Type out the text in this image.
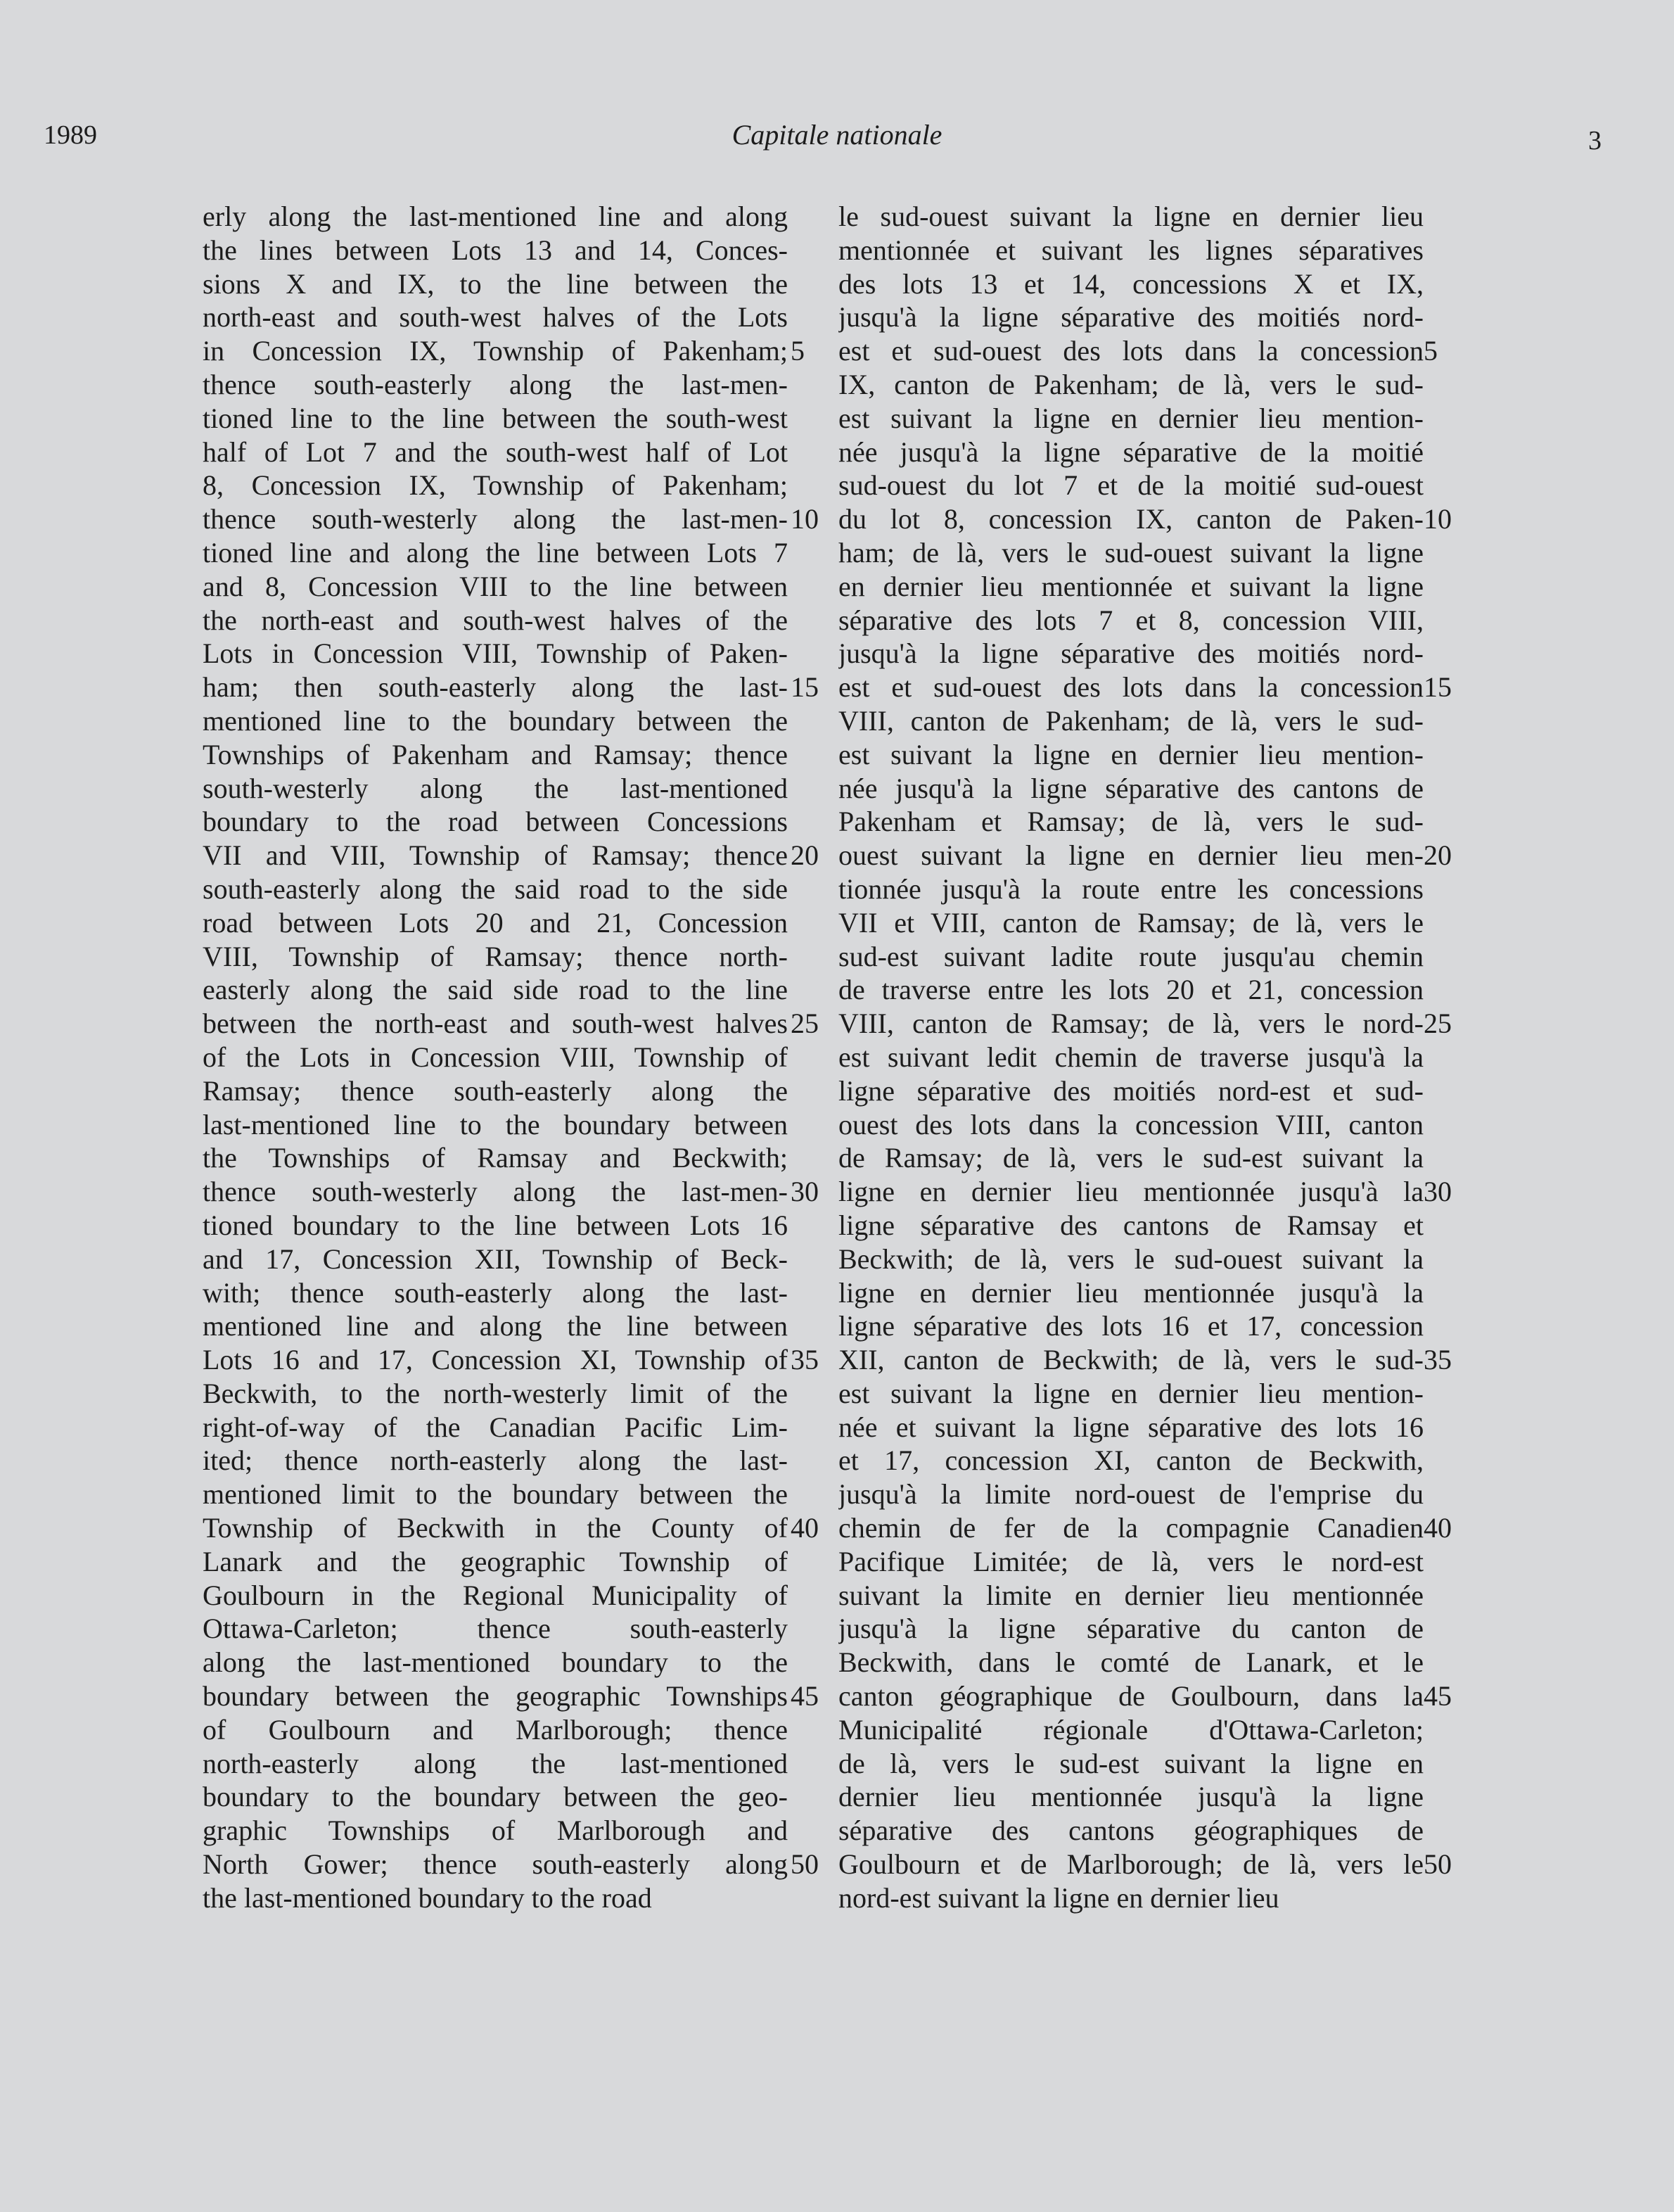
1989	Capitale nationale	3
erly along the last-mentioned line and along
the lines between Lots 13 and 14, Conces-
sions X and IX, to the line between the
north-east and south-west halves of the Lots
in Concession IX, Township of Pakenham;
thence south-easterly along the last-men-
tioned line to the line between the south-west
half of Lot 7 and the south-west half of Lot
8, Concession IX, Township of Pakenham;
thence south-westerly along the last-men-
tioned line and along the line between Lots 7
and 8, Concession VIII to the line between
the north-east and south-west halves of the
Lots in Concession VIII, Township of Paken-
ham; then south-easterly along the last-
mentioned line to the boundary between the
Townships of Pakenham and Ramsay; thence
south-westerly along the last-mentioned
boundary to the road between Concessions
VII and VIII, Township of Ramsay; thence
south-easterly along the said road to the side
road between Lots 20 and 21, Concession
VIII, Township of Ramsay; thence north-
easterly along the said side road to the line
between the north-east and south-west halves
of the Lots in Concession VIII, Township of
Ramsay; thence south-easterly along the
last-mentioned line to the boundary between
the Townships of Ramsay and Beckwith;
thence south-westerly along the last-men-
tioned boundary to the line between Lots 16
and 17, Concession XII, Township of Beck-
with; thence south-easterly along the last-
mentioned line and along the line between
Lots 16 and 17, Concession XI, Township of
Beckwith, to the north-westerly limit of the
right-of-way of the Canadian Pacific Lim-
ited; thence north-easterly along the last-
mentioned limit to the boundary between the
Township of Beckwith in the County of
Lanark and the geographic Township of
Goulbourn in the Regional Municipality of
Ottawa-Carleton; thence south-easterly
along the last-mentioned boundary to the
boundary between the geographic Townships
of Goulbourn and Marlborough; thence
north-easterly along the last-mentioned
boundary to the boundary between the geo-
graphic Townships of Marlborough and
North Gower; thence south-easterly along
the last-mentioned boundary to the road
le sud-ouest suivant la ligne en dernier lieu
mentionnée et suivant les lignes séparatives
des lots 13 et 14, concessions X et IX,
jusqu'à la ligne séparative des moitiés nord-
est et sud-ouest des lots dans la concession
IX, canton de Pakenham; de là, vers le sud-
est suivant la ligne en dernier lieu mention-
née jusqu'à la ligne séparative de la moitié
sud-ouest du lot 7 et de la moitié sud-ouest
du lot 8, concession IX, canton de Paken-
ham; de là, vers le sud-ouest suivant la ligne
en dernier lieu mentionnée et suivant la ligne
séparative des lots 7 et 8, concession VIII,
jusqu'à la ligne séparative des moitiés nord-
est et sud-ouest des lots dans la concession
VIII, canton de Pakenham; de là, vers le sud-
est suivant la ligne en dernier lieu mention-
née jusqu'à la ligne séparative des cantons de
Pakenham et Ramsay; de là, vers le sud-
ouest suivant la ligne en dernier lieu men-
tionnée jusqu'à la route entre les concessions
VII et VIII, canton de Ramsay; de là, vers le
sud-est suivant ladite route jusqu'au chemin
de traverse entre les lots 20 et 21, concession
VIII, canton de Ramsay; de là, vers le nord-
est suivant ledit chemin de traverse jusqu'à la
ligne séparative des moitiés nord-est et sud-
ouest des lots dans la concession VIII, canton
de Ramsay; de là, vers le sud-est suivant la
ligne en dernier lieu mentionnée jusqu'à la
ligne séparative des cantons de Ramsay et
Beckwith; de là, vers le sud-ouest suivant la
ligne en dernier lieu mentionnée jusqu'à la
ligne séparative des lots 16 et 17, concession
XII, canton de Beckwith; de là, vers le sud-
est suivant la ligne en dernier lieu mention-
née et suivant la ligne séparative des lots 16
et 17, concession XI, canton de Beckwith,
jusqu'à la limite nord-ouest de l'emprise du
chemin de fer de la compagnie Canadien
Pacifique Limitée; de là, vers le nord-est
suivant la limite en dernier lieu mentionnée
jusqu'à la ligne séparative du canton de
Beckwith, dans le comté de Lanark, et le
canton géographique de Goulbourn, dans la
Municipalité régionale d'Ottawa-Carleton;
de là, vers le sud-est suivant la ligne en
dernier lieu mentionnée jusqu'à la ligne
séparative des cantons géographiques de
Goulbourn et de Marlborough; de là, vers le
nord-est suivant la ligne en dernier lieu
5	5
10	10
15	15
20	20
25	25
30	30
35	35
40	40
45	45
50	50
